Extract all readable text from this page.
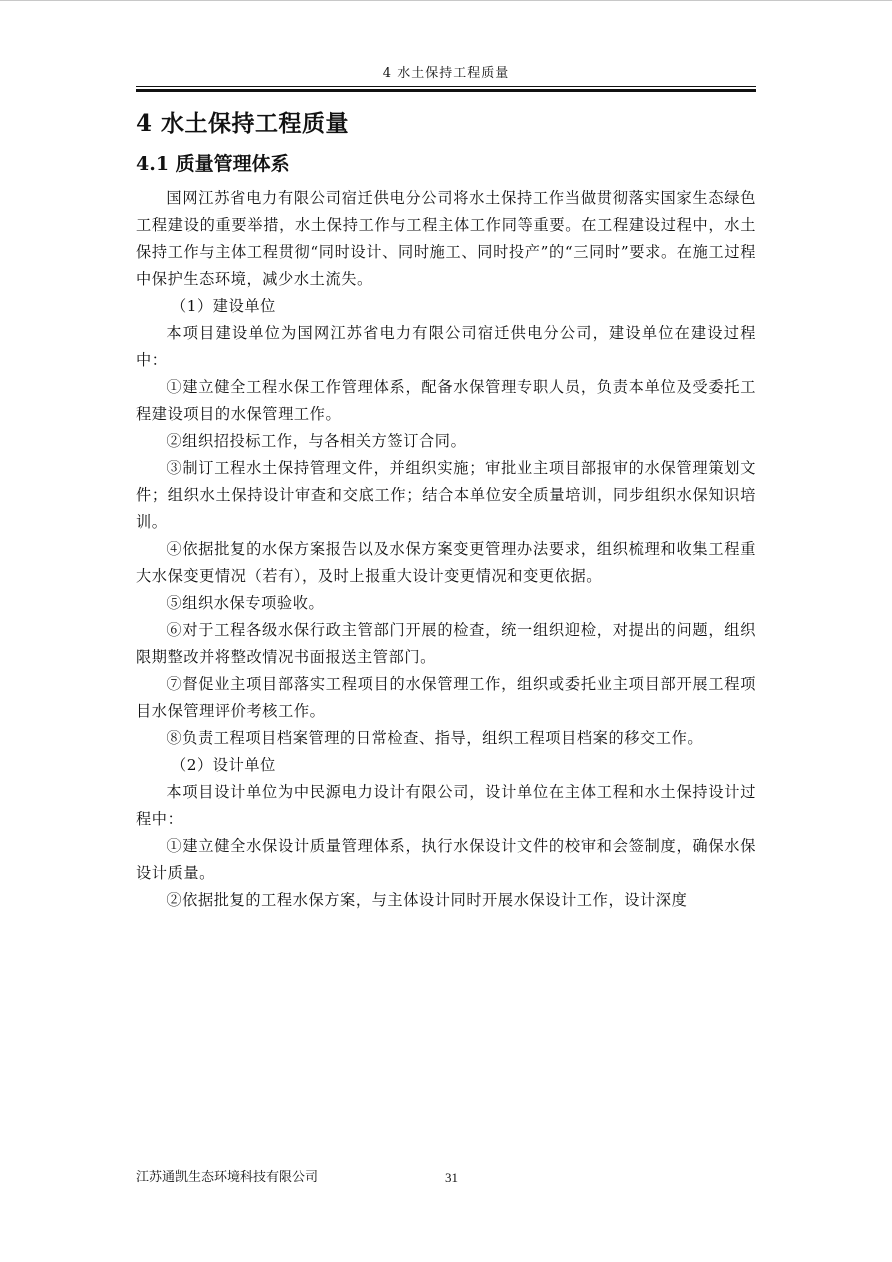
4 水土保持工程质量
4 水土保持工程质量
4.1 质量管理体系

国网江苏省电力有限公司宿迁供电分公司将水土保持工作当做贯彻落实国家生态绿色工程建设的重要举措，水土保持工作与工程主体工作同等重要。在工程建设过程中，水土保持工作与主体工程贯彻“同时设计、同时施工、同时投产”的“三同时”要求。在施工过程中保护生态环境，减少水土流失。

（1）建设单位

本项目建设单位为国网江苏省电力有限公司宿迁供电分公司，建设单位在建设过程中：

①建立健全工程水保工作管理体系，配备水保管理专职人员，负责本单位及受委托工程建设项目的水保管理工作。

②组织招投标工作，与各相关方签订合同。

③制订工程水土保持管理文件，并组织实施；审批业主项目部报审的水保管理策划文件；组织水土保持设计审查和交底工作；结合本单位安全质量培训，同步组织水保知识培训。

④依据批复的水保方案报告以及水保方案变更管理办法要求，组织梳理和收集工程重大水保变更情况（若有），及时上报重大设计变更情况和变更依据。

⑤组织水保专项验收。

⑥对于工程各级水保行政主管部门开展的检查，统一组织迎检，对提出的问题，组织限期整改并将整改情况书面报送主管部门。

⑦督促业主项目部落实工程项目的水保管理工作，组织或委托业主项目部开展工程项目水保管理评价考核工作。

⑧负责工程项目档案管理的日常检查、指导，组织工程项目档案的移交工作。

（2）设计单位

本项目设计单位为中民源电力设计有限公司，设计单位在主体工程和水土保持设计过程中：

①建立健全水保设计质量管理体系，执行水保设计文件的校审和会签制度，确保水保设计质量。

②依据批复的工程水保方案，与主体设计同时开展水保设计工作，设计深度

江苏通凯生态环境科技有限公司	31
